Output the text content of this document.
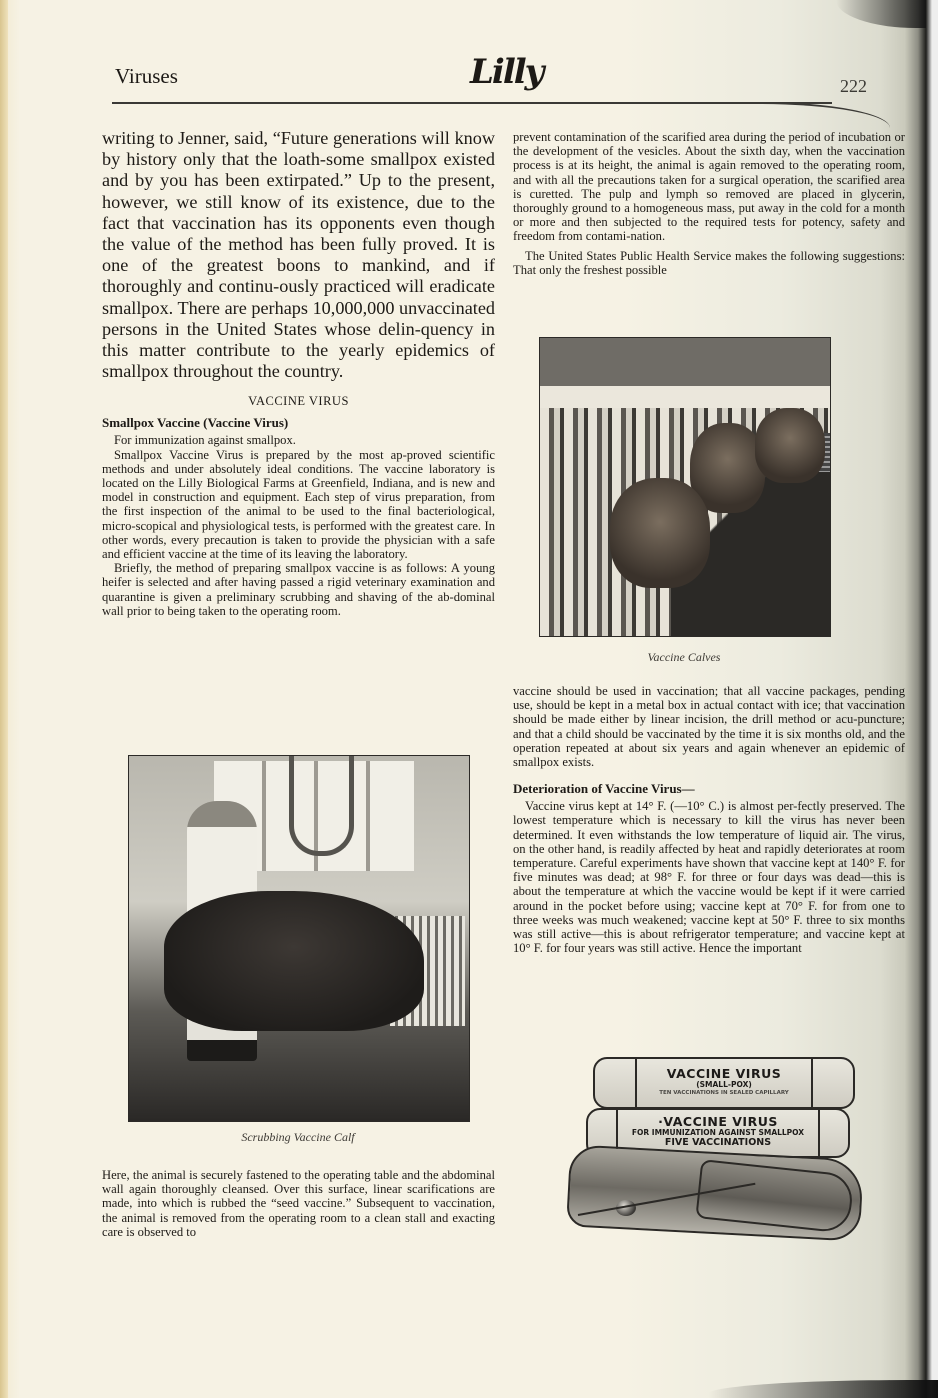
Viruses	Lilly	222

writing to Jenner, said, “Future generations will know by history only that the loath-some smallpox existed and by you has been extirpated.” Up to the present, however, we still know of its existence, due to the fact that vaccination has its opponents even though the value of the method has been fully proved. It is one of the greatest boons to mankind, and if thoroughly and continu-ously practiced will eradicate smallpox. There are perhaps 10,000,000 unvaccinated persons in the United States whose delin-quency in this matter contribute to the yearly epidemics of smallpox throughout the country.

VACCINE VIRUS
Smallpox Vaccine (Vaccine Virus)

For immunization against smallpox.

Smallpox Vaccine Virus is prepared by the most ap-proved scientific methods and under absolutely ideal conditions. The vaccine laboratory is located on the Lilly Biological Farms at Greenfield, Indiana, and is new and model in construction and equipment. Each step of virus preparation, from the first inspection of the animal to be used to the final bacteriological, micro-scopical and physiological tests, is performed with the greatest care. In other words, every precaution is taken to provide the physician with a safe and efficient vaccine at the time of its leaving the laboratory.

Briefly, the method of preparing smallpox vaccine is as follows: A young heifer is selected and after having passed a rigid veterinary examination and quarantine is given a preliminary scrubbing and shaving of the ab-dominal wall prior to being taken to the operating room.

Scrubbing Vaccine Calf

Here, the animal is securely fastened to the operating table and the abdominal wall again thoroughly cleansed. Over this surface, linear scarifications are made, into which is rubbed the “seed vaccine.” Subsequent to vaccination, the animal is removed from the operating room to a clean stall and exacting care is observed to

prevent contamination of the scarified area during the period of incubation or the development of the vesicles. About the sixth day, when the vaccination process is at its height, the animal is again removed to the operating room, and with all the precautions taken for a surgical operation, the scarified area is curetted. The pulp and lymph so removed are placed in glycerin, thoroughly ground to a homogeneous mass, put away in the cold for a month or more and then subjected to the required tests for potency, safety and freedom from contami-nation.

The United States Public Health Service makes the following suggestions: That only the freshest possible

Vaccine Calves

vaccine should be used in vaccination; that all vaccine packages, pending use, should be kept in a metal box in actual contact with ice; that vaccination should be made either by linear incision, the drill method or acu-puncture; and that a child should be vaccinated by the time it is six months old, and the operation repeated at about six years and again whenever an epidemic of smallpox exists.

Deterioration of Vaccine Virus—

Vaccine virus kept at 14° F. (—10° C.) is almost per-fectly preserved. The lowest temperature which is necessary to kill the virus has never been determined. It even withstands the low temperature of liquid air. The virus, on the other hand, is readily affected by heat and rapidly deteriorates at room temperature. Careful experiments have shown that vaccine kept at 140° F. for five minutes was dead; at 98° F. for three or four days was dead—this is about the temperature at which the vaccine would be kept if it were carried around in the pocket before using; vaccine kept at 70° F. for from one to three weeks was much weakened; vaccine kept at 50° F. three to six months was still active—this is about refrigerator temperature; and vaccine kept at 10° F. for four years was still active. Hence the important

VACCINE VIRUS
(SMALL-POX)
TEN VACCINATIONS IN SEALED CAPILLARY
·VACCINE VIRUS
FOR IMMUNIZATION AGAINST SMALLPOX
FIVE VACCINATIONS
